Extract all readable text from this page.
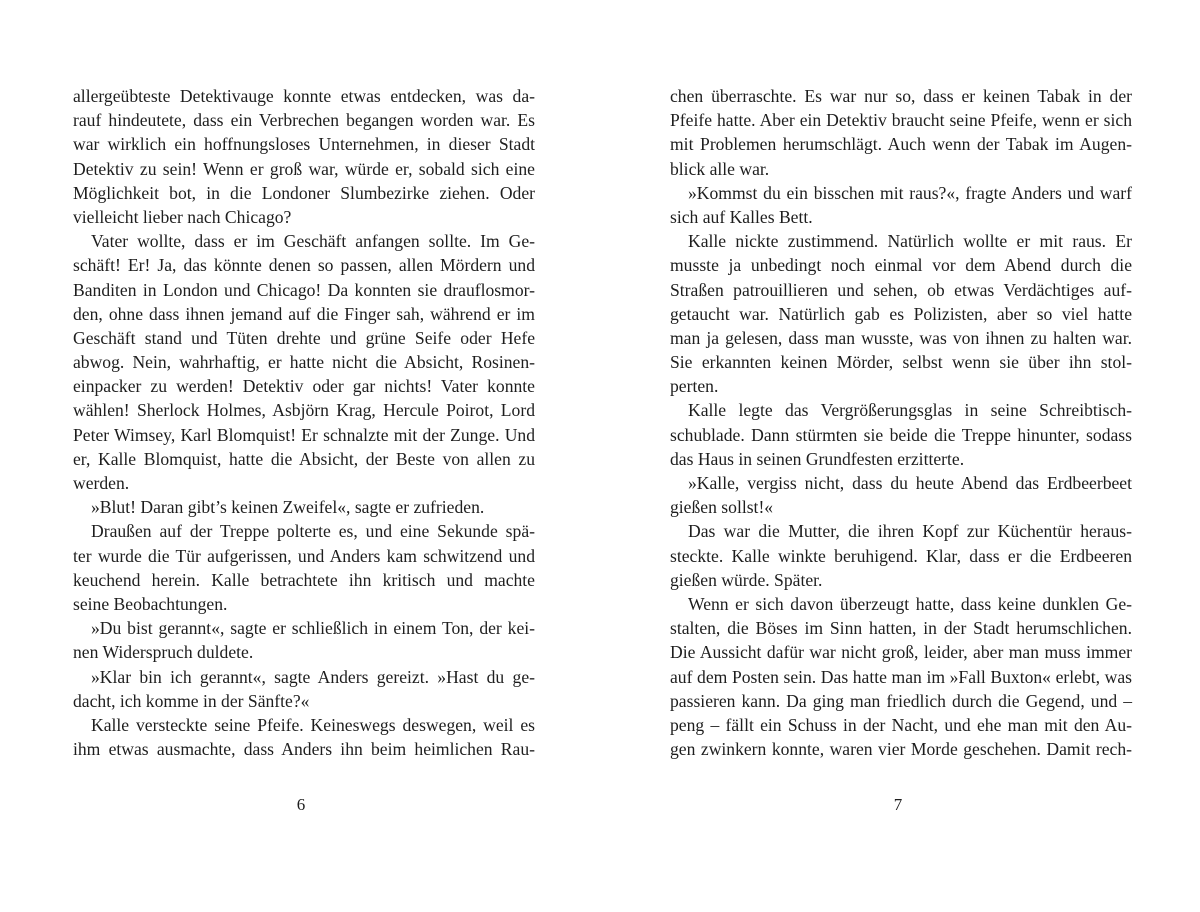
allergeübteste Detektivauge konnte etwas entdecken, was da-
rauf hindeutete, dass ein Verbrechen begangen worden war. Es
war wirklich ein hoffnungsloses Unternehmen, in dieser Stadt
Detektiv zu sein! Wenn er groß war, würde er, sobald sich eine
Möglichkeit bot, in die Londoner Slumbezirke ziehen. Oder
vielleicht lieber nach Chicago?
Vater wollte, dass er im Geschäft anfangen sollte. Im Ge-
schäft! Er! Ja, das könnte denen so passen, allen Mördern und
Banditen in London und Chicago! Da konnten sie drauflosmor-
den, ohne dass ihnen jemand auf die Finger sah, während er im
Geschäft stand und Tüten drehte und grüne Seife oder Hefe
abwog. Nein, wahrhaftig, er hatte nicht die Absicht, Rosinen-
einpacker zu werden! Detektiv oder gar nichts! Vater konnte
wählen! Sherlock Holmes, Asbjörn Krag, Hercule Poirot, Lord
Peter Wimsey, Karl Blomquist! Er schnalzte mit der Zunge. Und
er, Kalle Blomquist, hatte die Absicht, der Beste von allen zu
werden.
»Blut! Daran gibt’s keinen Zweifel«, sagte er zufrieden.
Draußen auf der Treppe polterte es, und eine Sekunde spä-
ter wurde die Tür aufgerissen, und Anders kam schwitzend und
keuchend herein. Kalle betrachtete ihn kritisch und machte
seine Beobachtungen.
»Du bist gerannt«, sagte er schließlich in einem Ton, der kei-
nen Widerspruch duldete.
»Klar bin ich gerannt«, sagte Anders gereizt. »Hast du ge-
dacht, ich komme in der Sänfte?«
Kalle versteckte seine Pfeife. Keineswegs deswegen, weil es
ihm etwas ausmachte, dass Anders ihn beim heimlichen Rau-
6
chen überraschte. Es war nur so, dass er keinen Tabak in der
Pfeife hatte. Aber ein Detektiv braucht seine Pfeife, wenn er sich
mit Problemen herumschlägt. Auch wenn der Tabak im Augen-
blick alle war.
»Kommst du ein bisschen mit raus?«, fragte Anders und warf
sich auf Kalles Bett.
Kalle nickte zustimmend. Natürlich wollte er mit raus. Er
musste ja unbedingt noch einmal vor dem Abend durch die
Straßen patrouillieren und sehen, ob etwas Verdächtiges auf-
getaucht war. Natürlich gab es Polizisten, aber so viel hatte
man ja gelesen, dass man wusste, was von ihnen zu halten war.
Sie erkannten keinen Mörder, selbst wenn sie über ihn stol-
perten.
Kalle legte das Vergrößerungsglas in seine Schreibtisch-
schublade. Dann stürmten sie beide die Treppe hinunter, sodass
das Haus in seinen Grundfesten erzitterte.
»Kalle, vergiss nicht, dass du heute Abend das Erdbeerbeet
gießen sollst!«
Das war die Mutter, die ihren Kopf zur Küchentür heraus-
steckte. Kalle winkte beruhigend. Klar, dass er die Erdbeeren
gießen würde. Später.
Wenn er sich davon überzeugt hatte, dass keine dunklen Ge-
stalten, die Böses im Sinn hatten, in der Stadt herumschlichen.
Die Aussicht dafür war nicht groß, leider, aber man muss immer
auf dem Posten sein. Das hatte man im »Fall Buxton« erlebt, was
passieren kann. Da ging man friedlich durch die Gegend, und –
peng – fällt ein Schuss in der Nacht, und ehe man mit den Au-
gen zwinkern konnte, waren vier Morde geschehen. Damit rech-
7
